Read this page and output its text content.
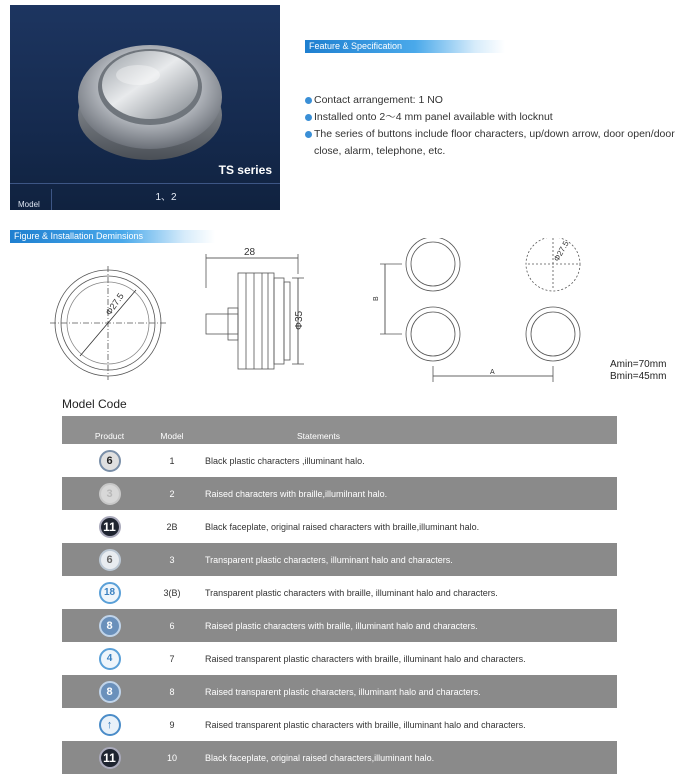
TS series
Model
1、2
Feature & Specification
Figure & Installation Deminsions
Contact arrangement: 1 NO
Installed onto 2～4 mm panel available with locknut
The series of buttons include floor characters, up/down arrow, door open/door close, alarm, telephone, etc.
Φ27.5
28
Φ35
Φ27.5
B
A
Amin=70mm
Bmin=45mm
Model Code
Product	Model	Statements
6	1	Black plastic characters ,illuminant halo.
3	2	Raised characters with braille,illumilnant halo.
11	2B	Black faceplate, original raised characters with braille,illuminant halo.
6	3	Transparent plastic characters, illuminant halo and characters.
18	3(B)	Transparent plastic characters with braille, illuminant halo and characters.
8	6	Raised plastic characters with braille, illuminant halo and characters.
4	7	Raised transparent plastic characters with braille, illuminant halo and characters.
8	8	Raised transparent plastic characters, illuminant halo and characters.
↑	9	Raised transparent plastic characters with braille, illuminant halo and characters.
11	10	Black faceplate, original raised characters,illuminant halo.
